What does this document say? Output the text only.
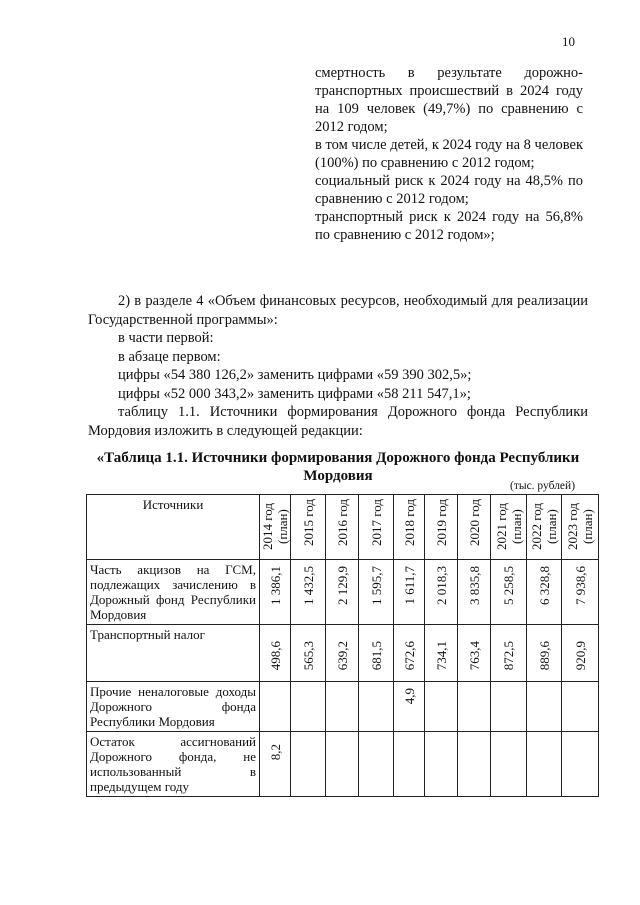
10

смертность в результате дорожно-транспортных происшествий в 2024 году на 109 человек (49,7%) по сравнению с 2012 годом;

в том числе детей, к 2024 году на 8 человек (100%) по сравнению с 2012 годом;

социальный риск к 2024 году на 48,5% по сравнению с 2012 годом;

транспортный риск к 2024 году на 56,8% по сравнению с 2012 годом»;

2) в разделе 4 «Объем финансовых ресурсов, необходимый для реализации Государственной программы»:

в части первой:

в абзаце первом:

цифры «54 380 126,2» заменить цифрами «59 390 302,5»;

цифры «52 000 343,2» заменить цифрами «58 211 547,1»;

таблицу 1.1. Источники формирования Дорожного фонда Республики Мордовия изложить в следующей редакции:

«Таблица 1.1. Источники формирования Дорожного фонда Республики Мордовия
(тыс. рублей)
Источники	2014 год (план)	2015 год	2016 год	2017 год	2018 год	2019 год	2020 год	2021 год (план)	2022 год (план)	2023 год (план)

Часть акцизов на ГСМ, подлежащих зачислению в Дорожный фонд Республики Мордовия	1 386,1	1 432,5	2 129,9	1 595,7	1 611,7	2 018,3	3 835,8	5 258,5	6 328,8	7 938,6

Транспортный налог	498,6	565,3	639,2	681,5	672,6	734,1	763,4	872,5	889,6	920,9

Прочие неналоговые доходы Дорожного фонда Республики Мордовия					4,9					

Остаток ассигнований Дорожного фонда, не использованный в предыдущем году	8,2									
